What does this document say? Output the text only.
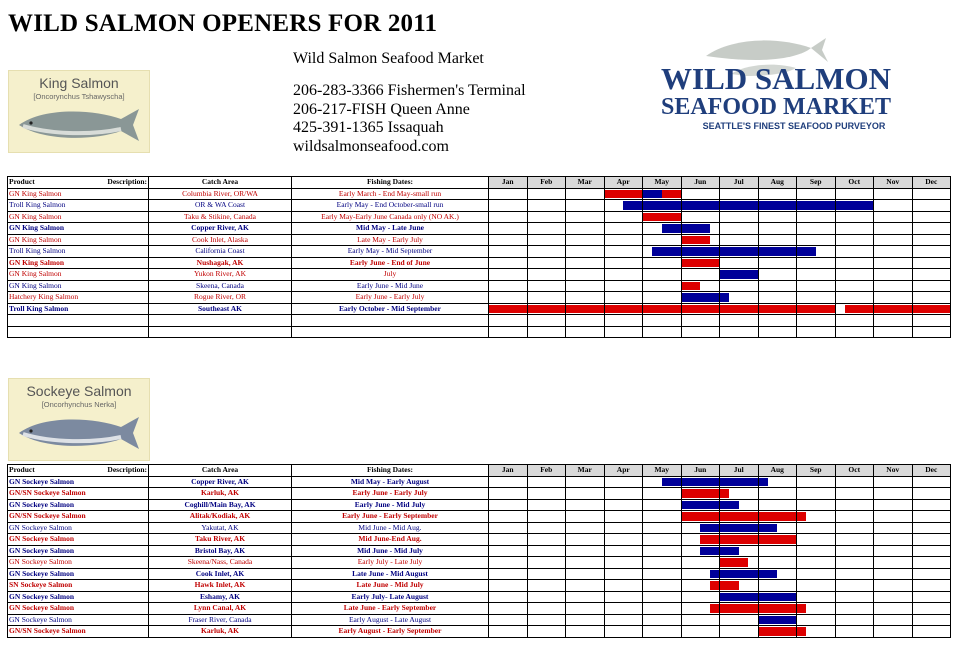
WILD SALMON OPENERS FOR 2011
Wild Salmon Seafood Market
206-283-3366 Fishermen's Terminal
206-217-FISH Queen Anne
425-391-1365 Issaquah
wildsalmonseafood.com
WILD SALMON
SEAFOOD MARKET
SEATTLE'S FINEST SEAFOOD PURVEYOR
King Salmon
[Oncorynchus Tshawyscha]
Sockeye Salmon
[Oncorhynchus Nerka]
Product Description:	Catch Area	Fishing Dates:	Jan	Feb	Mar	Apr	May	Jun	Jul	Aug	Sep	Oct	Nov	Dec
GN King Salmon	Columbia River, OR/WA	Early March - End May-small run				

Troll King Salmon	OR & WA Coast	Early May - End October-small run				

GN King Salmon	Taku & Stikine, Canada	Early May-Early June Canada only (NO AK.)					

GN King Salmon	Copper River, AK	Mid May - Late June					

GN King Salmon	Cook Inlet, Alaska	Late May - Early July						

Troll King Salmon	California Coast	Early May - Mid September					

GN King Salmon	Nushagak, AK	Early June - End of June						

GN King Salmon	Yukon River, AK	July							

GN King Salmon	Skeena, Canada	Early June - Mid June						

Hatchery King Salmon	Rogue River, OR	Early June - Early July						

Troll King Salmon	Southeast AK	Early October - Mid September	

Product Description:	Catch Area	Fishing Dates:	Jan	Feb	Mar	Apr	May	Jun	Jul	Aug	Sep	Oct	Nov	Dec
GN Sockeye Salmon	Copper River, AK	Mid May - Early August					

GN/SN Sockeye Salmon	Karluk, AK	Early June - Early July						

GN Sockeye Salmon	Coghill/Main Bay, AK	Early June - Mid July						

GN/SN Sockeye Salmon	Alitak/Kodiak, AK	Early June - Early September						

GN Sockeye Salmon	Yakutat, AK	Mid June - Mid Aug.						

GN Sockeye Salmon	Taku River, AK	Mid June-End Aug.						

GN Sockeye Salmon	Bristol Bay, AK	Mid June - Mid July						

GN Sockeye Salmon	Skeena/Nass, Canada	Early July - Late July							

GN Sockeye Salmon	Cook Inlet, AK	Late June - Mid August						

SN Sockeye Salmon	Hawk Inlet, AK	Late June - Mid July						

GN Sockeye Salmon	Eshamy, AK	Early July- Late August							

GN Sockeye Salmon	Lynn Canal, AK	Late June - Early September						

GN Sockeye Salmon	Fraser River, Canada	Early August - Late August								

GN/SN Sockeye Salmon	Karluk, AK	Early August - Early September								
